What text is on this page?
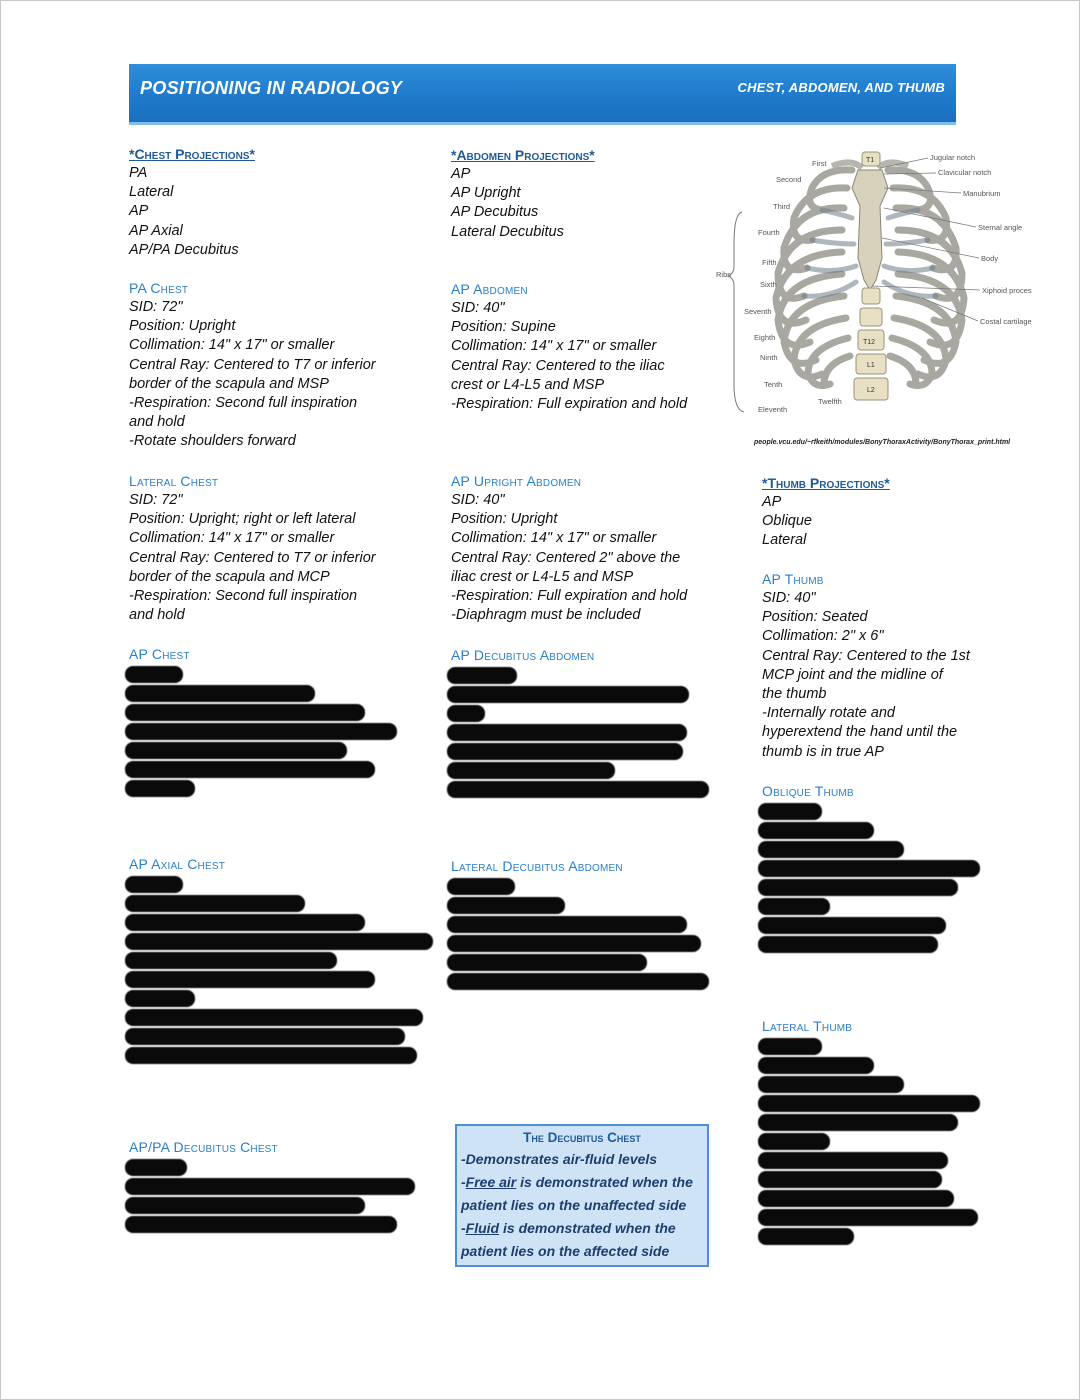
POSITIONING IN RADIOLOGY	CHEST, ABDOMEN, AND THUMB
*Chest Projections*
PA
Lateral
AP
AP Axial
AP/PA Decubitus
PA Chest
SID: 72"
Position: Upright
Collimation: 14" x 17" or smaller
Central Ray: Centered to T7 or inferior
border of the scapula and MSP
-Respiration: Second full inspiration
and hold
-Rotate shoulders forward
Lateral Chest
SID: 72"
Position: Upright; right or left lateral
Collimation: 14" x 17" or smaller
Central Ray: Centered to T7 or inferior
border of the scapula and MCP
-Respiration: Second full inspiration
and hold
AP Chest
AP Axial Chest
AP/PA Decubitus Chest
*Abdomen Projections*
AP
AP Upright
AP Decubitus
Lateral Decubitus
AP Abdomen
SID: 40"
Position: Supine
Collimation: 14" x 17" or smaller
Central Ray: Centered to the iliac
crest or L4-L5 and MSP
-Respiration: Full expiration and hold
AP Upright Abdomen
SID: 40"
Position: Upright
Collimation: 14" x 17" or smaller
Central Ray: Centered 2" above the
iliac crest or L4-L5 and MSP
-Respiration: Full expiration and hold
-Diaphragm must be included
AP Decubitus Abdomen
Lateral Decubitus Abdomen
The Decubitus Chest
-Demonstrates air-fluid levels
-Free air is demonstrated when the
patient lies on the unaffected side
-Fluid is demonstrated when the
patient lies on the affected side
T1
T12
L1
L2
First
Second
Third
Fourth
Fifth
Sixth
Seventh
Eighth
Ninth
Tenth
Eleventh
Twelfth
Ribs
Jugular notch
Clavicular notch
Manubrium
Sternal angle
Body
Xiphoid proces
Costal cartilage
people.vcu.edu/~rfkeith/modules/BonyThoraxActivity/BonyThorax_print.html
*Thumb Projections*
AP
Oblique
Lateral
AP Thumb
SID: 40"
Position: Seated
Collimation: 2" x 6"
Central Ray: Centered to the 1st
MCP joint and the midline of
the thumb
-Internally rotate and
hyperextend the hand until the
thumb is in true AP
Oblique Thumb
Lateral Thumb
